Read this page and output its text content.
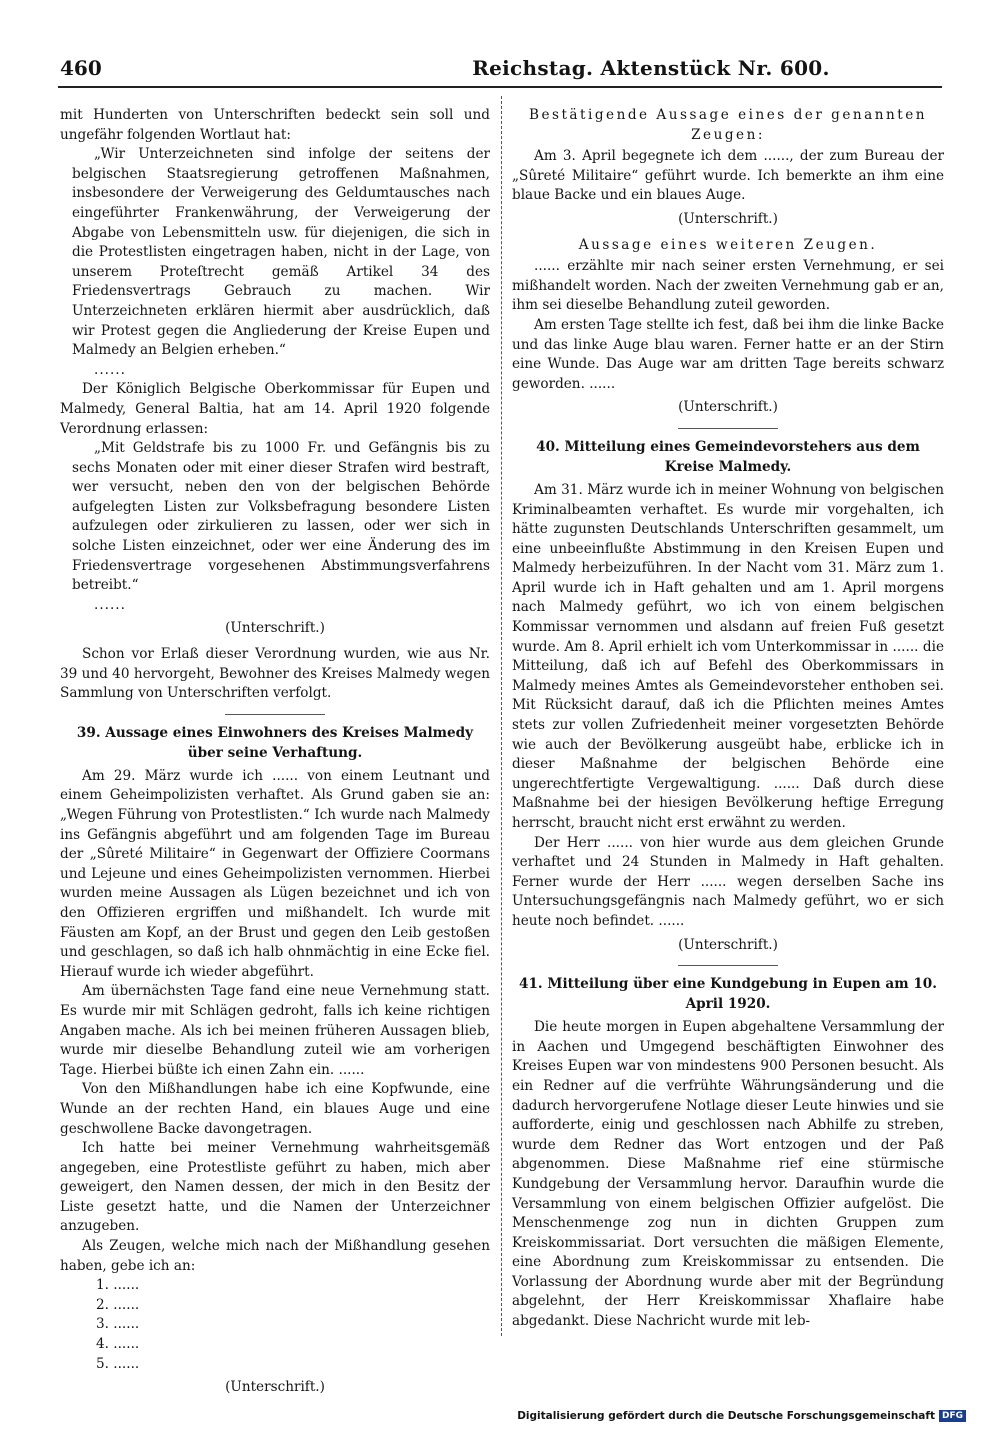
460	Reichstag. Aktenstück Nr. 600.

mit Hunderten von Unterschriften bedeckt sein soll und ungefähr folgenden Wortlaut hat:

„Wir Unterzeichneten sind infolge der seitens der belgischen Staatsregierung getroffenen Maßnahmen, insbesondere der Verweigerung des Geldumtausches nach eingeführter Frankenwährung, der Verweigerung der Abgabe von Lebensmitteln usw. für diejenigen, die sich in die Protestlisten eingetragen haben, nicht in der Lage, von unserem Proteſtrecht gemäß Artikel 34 des Friedensvertrags Gebrauch zu machen. Wir Unterzeichneten erklären hiermit aber ausdrücklich, daß wir Protest gegen die Angliederung der Kreise Eupen und Malmedy an Belgien erheben.“

......

Der Königlich Belgische Oberkommissar für Eupen und Malmedy, General Baltia, hat am 14. April 1920 folgende Verordnung erlassen:

„Mit Geldstrafe bis zu 1000 Fr. und Gefängnis bis zu sechs Monaten oder mit einer dieser Strafen wird bestraft, wer versucht, neben den von der belgischen Behörde aufgelegten Listen zur Volksbefragung besondere Listen aufzulegen oder zirkulieren zu lassen, oder wer sich in solche Listen einzeichnet, oder wer eine Änderung des im Friedensvertrage vorgesehenen Abstimmungsverfahrens betreibt.“

......

(Unterschrift.)

Schon vor Erlaß dieser Verordnung wurden, wie aus Nr. 39 und 40 hervorgeht, Bewohner des Kreises Malmedy wegen Sammlung von Unterschriften verfolgt.

39. Aussage eines Einwohners des Kreises Malmedy über seine Verhaftung.

Am 29. März wurde ich ...... von einem Leutnant und einem Geheimpolizisten verhaftet. Als Grund gaben sie an: „Wegen Führung von Protestlisten.“ Ich wurde nach Malmedy ins Gefängnis abgeführt und am folgenden Tage im Bureau der „Sûreté Militaire“ in Gegenwart der Offiziere Coormans und Lejeune und eines Geheimpolizisten vernommen. Hierbei wurden meine Aussagen als Lügen bezeichnet und ich von den Offizieren ergriffen und mißhandelt. Ich wurde mit Fäusten am Kopf, an der Brust und gegen den Leib gestoßen und geschlagen, so daß ich halb ohnmächtig in eine Ecke fiel. Hierauf wurde ich wieder abgeführt.

Am übernächsten Tage fand eine neue Vernehmung statt. Es wurde mir mit Schlägen gedroht, falls ich keine richtigen Angaben mache. Als ich bei meinen früheren Aussagen blieb, wurde mir dieselbe Behandlung zuteil wie am vorherigen Tage. Hierbei büßte ich einen Zahn ein. ......

Von den Mißhandlungen habe ich eine Kopfwunde, eine Wunde an der rechten Hand, ein blaues Auge und eine geschwollene Backe davongetragen.

Ich hatte bei meiner Vernehmung wahrheitsgemäß angegeben, eine Protestliste geführt zu haben, mich aber geweigert, den Namen dessen, der mich in den Besitz der Liste gesetzt hatte, und die Namen der Unterzeichner anzugeben.

Als Zeugen, welche mich nach der Mißhandlung gesehen haben, gebe ich an:

1. ......
2. ......
3. ......
4. ......
5. ......

(Unterschrift.)

Bestätigende Aussage eines der genannten Zeugen:

Am 3. April begegnete ich dem ......, der zum Bureau der „Sûreté Militaire“ geführt wurde. Ich bemerkte an ihm eine blaue Backe und ein blaues Auge.

(Unterschrift.)

Aussage eines weiteren Zeugen.

...... erzählte mir nach seiner ersten Vernehmung, er sei mißhandelt worden. Nach der zweiten Vernehmung gab er an, ihm sei dieselbe Behandlung zuteil geworden.

Am ersten Tage stellte ich fest, daß bei ihm die linke Backe und das linke Auge blau waren. Ferner hatte er an der Stirn eine Wunde. Das Auge war am dritten Tage bereits schwarz geworden. ......

(Unterschrift.)

40. Mitteilung eines Gemeindevorstehers aus dem Kreise Malmedy.

Am 31. März wurde ich in meiner Wohnung von belgischen Kriminalbeamten verhaftet. Es wurde mir vorgehalten, ich hätte zugunsten Deutschlands Unterschriften gesammelt, um eine unbeeinflußte Abstimmung in den Kreisen Eupen und Malmedy herbeizuführen. In der Nacht vom 31. März zum 1. April wurde ich in Haft gehalten und am 1. April morgens nach Malmedy geführt, wo ich von einem belgischen Kommissar vernommen und alsdann auf freien Fuß gesetzt wurde. Am 8. April erhielt ich vom Unterkommissar in ...... die Mitteilung, daß ich auf Befehl des Oberkommissars in Malmedy meines Amtes als Gemeindevorsteher enthoben sei. Mit Rücksicht darauf, daß ich die Pflichten meines Amtes stets zur vollen Zufriedenheit meiner vorgesetzten Behörde wie auch der Bevölkerung ausgeübt habe, erblicke ich in dieser Maßnahme der belgischen Behörde eine ungerechtfertigte Vergewaltigung. ...... Daß durch diese Maßnahme bei der hiesigen Bevölkerung heftige Erregung herrscht, braucht nicht erst erwähnt zu werden.

Der Herr ...... von hier wurde aus dem gleichen Grunde verhaftet und 24 Stunden in Malmedy in Haft gehalten. Ferner wurde der Herr ...... wegen derselben Sache ins Untersuchungsgefängnis nach Malmedy geführt, wo er sich heute noch befindet. ......

(Unterschrift.)

41. Mitteilung über eine Kundgebung in Eupen am 10. April 1920.

Die heute morgen in Eupen abgehaltene Versammlung der in Aachen und Umgegend beschäftigten Einwohner des Kreises Eupen war von mindestens 900 Personen besucht. Als ein Redner auf die verfrühte Währungsänderung und die dadurch hervorgerufene Notlage dieser Leute hinwies und sie aufforderte, einig und geschlossen nach Abhilfe zu streben, wurde dem Redner das Wort entzogen und der Paß abgenommen. Diese Maßnahme rief eine stürmische Kundgebung der Versammlung hervor. Daraufhin wurde die Versammlung von einem belgischen Offizier aufgelöst. Die Menschenmenge zog nun in dichten Gruppen zum Kreiskommissariat. Dort versuchten die mäßigen Elemente, eine Abordnung zum Kreiskommissar zu entsenden. Die Vorlassung der Abordnung wurde aber mit der Begründung abgelehnt, der Herr Kreiskommissar Xhaflaire habe abgedankt. Diese Nachricht wurde mit leb-

Digitalisierung gefördert durch die Deutsche Forschungsgemeinschaft DFG
